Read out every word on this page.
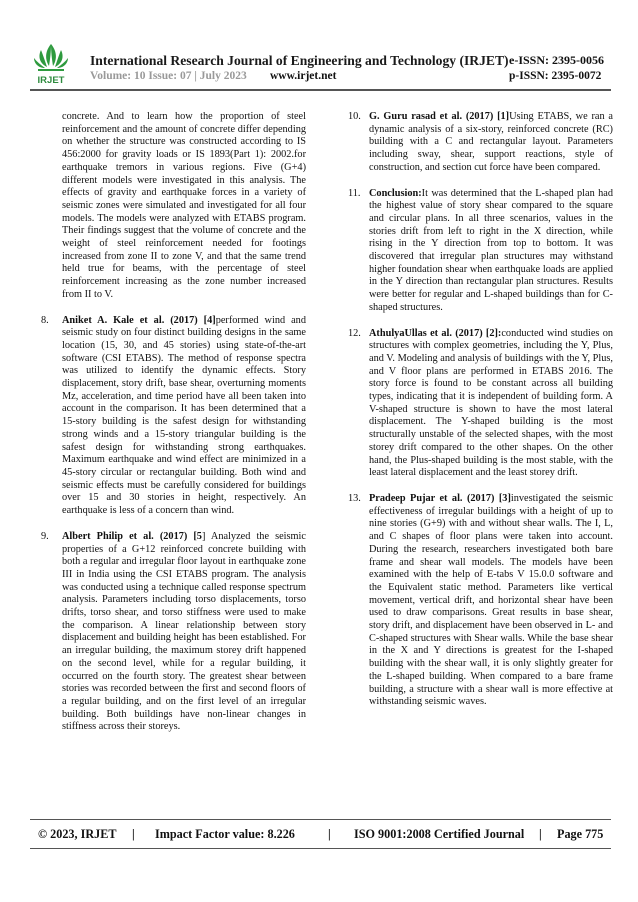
IRJET
International Research Journal of Engineering and Technology (IRJET) e-ISSN: 2395-0056
Volume: 10 Issue: 07 | July 2023 www.irjet.net	p-ISSN: 2395-0072

concrete. And to learn how the proportion of steel reinforcement and the amount of concrete differ depending on whether the structure was constructed according to IS 456:2000 for gravity loads or IS 1893(Part 1): 2002.for earthquake tremors in various regions. Five (G+4) different models were investigated in this analysis. The effects of gravity and earthquake forces in a variety of seismic zones were simulated and investigated for all four models. The models were analyzed with ETABS program. Their findings suggest that the volume of concrete and the weight of steel reinforcement needed for footings increased from zone II to zone V, and that the same trend held true for beams, with the percentage of steel reinforcement increasing as the zone number increased from II to V.

8. Aniket A. Kale et al. (2017) [4]performed wind and seismic study on four distinct building designs in the same location (15, 30, and 45 stories) using state-of-the-art software (CSI ETABS). The method of response spectra was utilized to identify the dynamic effects. Story displacement, story drift, base shear, overturning moments Mz, acceleration, and time period have all been taken into account in the comparison. It has been determined that a 15-story building is the safest design for withstanding strong winds and a 15-story triangular building is the safest design for withstanding strong earthquakes. Maximum earthquake and wind effect are minimized in a 45-story circular or rectangular building. Both wind and seismic effects must be carefully considered for buildings over 15 and 30 stories in height, respectively. An earthquake is less of a concern than wind.

9. Albert Philip et al. (2017) [5] Analyzed the seismic properties of a G+12 reinforced concrete building with both a regular and irregular floor layout in earthquake zone III in India using the CSI ETABS program. The analysis was conducted using a technique called response spectrum analysis. Parameters including torso displacements, torso drifts, torso shear, and torso stiffness were used to make the comparison. A linear relationship between story displacement and building height has been established. For an irregular building, the maximum storey drift happened on the second level, while for a regular building, it occurred on the fourth story. The greatest shear between stories was recorded between the first and second floors of a regular building, and on the first level of an irregular building. Both buildings have non-linear changes in stiffness across their storeys.

10. G. Guru rasad et al. (2017) [1]Using ETABS, we ran a dynamic analysis of a six-story, reinforced concrete (RC) building with a C and rectangular layout. Parameters including sway, shear, support reactions, style of construction, and section cut force have been compared.

11. Conclusion:It was determined that the L-shaped plan had the highest value of story shear compared to the square and circular plans. In all three scenarios, values in the stories drift from left to right in the X direction, while rising in the Y direction from top to bottom. It was discovered that irregular plan structures may withstand higher foundation shear when earthquake loads are applied in the Y direction than rectangular plan structures. Results were better for regular and L-shaped buildings than for C-shaped structures.

12. AthulyaUllas et al. (2017) [2]:conducted wind studies on structures with complex geometries, including the Y, Plus, and V. Modeling and analysis of buildings with the Y, Plus, and V floor plans are performed in ETABS 2016. The story force is found to be constant across all building types, indicating that it is independent of building form. A V-shaped structure is shown to have the most lateral displacement. The Y-shaped building is the most structurally unstable of the selected shapes, with the most storey drift compared to the other shapes. On the other hand, the Plus-shaped building is the most stable, with the least lateral displacement and the least storey drift.

13. Pradeep Pujar et al. (2017) [3]investigated the seismic effectiveness of irregular buildings with a height of up to nine stories (G+9) with and without shear walls. The I, L, and C shapes of floor plans were taken into account. During the research, researchers investigated both bare frame and shear wall models. The models have been examined with the help of E-tabs V 15.0.0 software and the Equivalent static method. Parameters like vertical movement, vertical drift, and horizontal shear have been used to draw comparisons. Great results in base shear, story drift, and displacement have been observed in L- and C-shaped structures with Shear walls. While the base shear in the X and Y directions is greatest for the I-shaped building with the shear wall, it is only slightly greater for the L-shaped building. When compared to a bare frame building, a structure with a shear wall is more effective at withstanding seismic waves.

© 2023, IRJET | Impact Factor value: 8.226	| ISO 9001:2008 Certified Journal | Page 775
